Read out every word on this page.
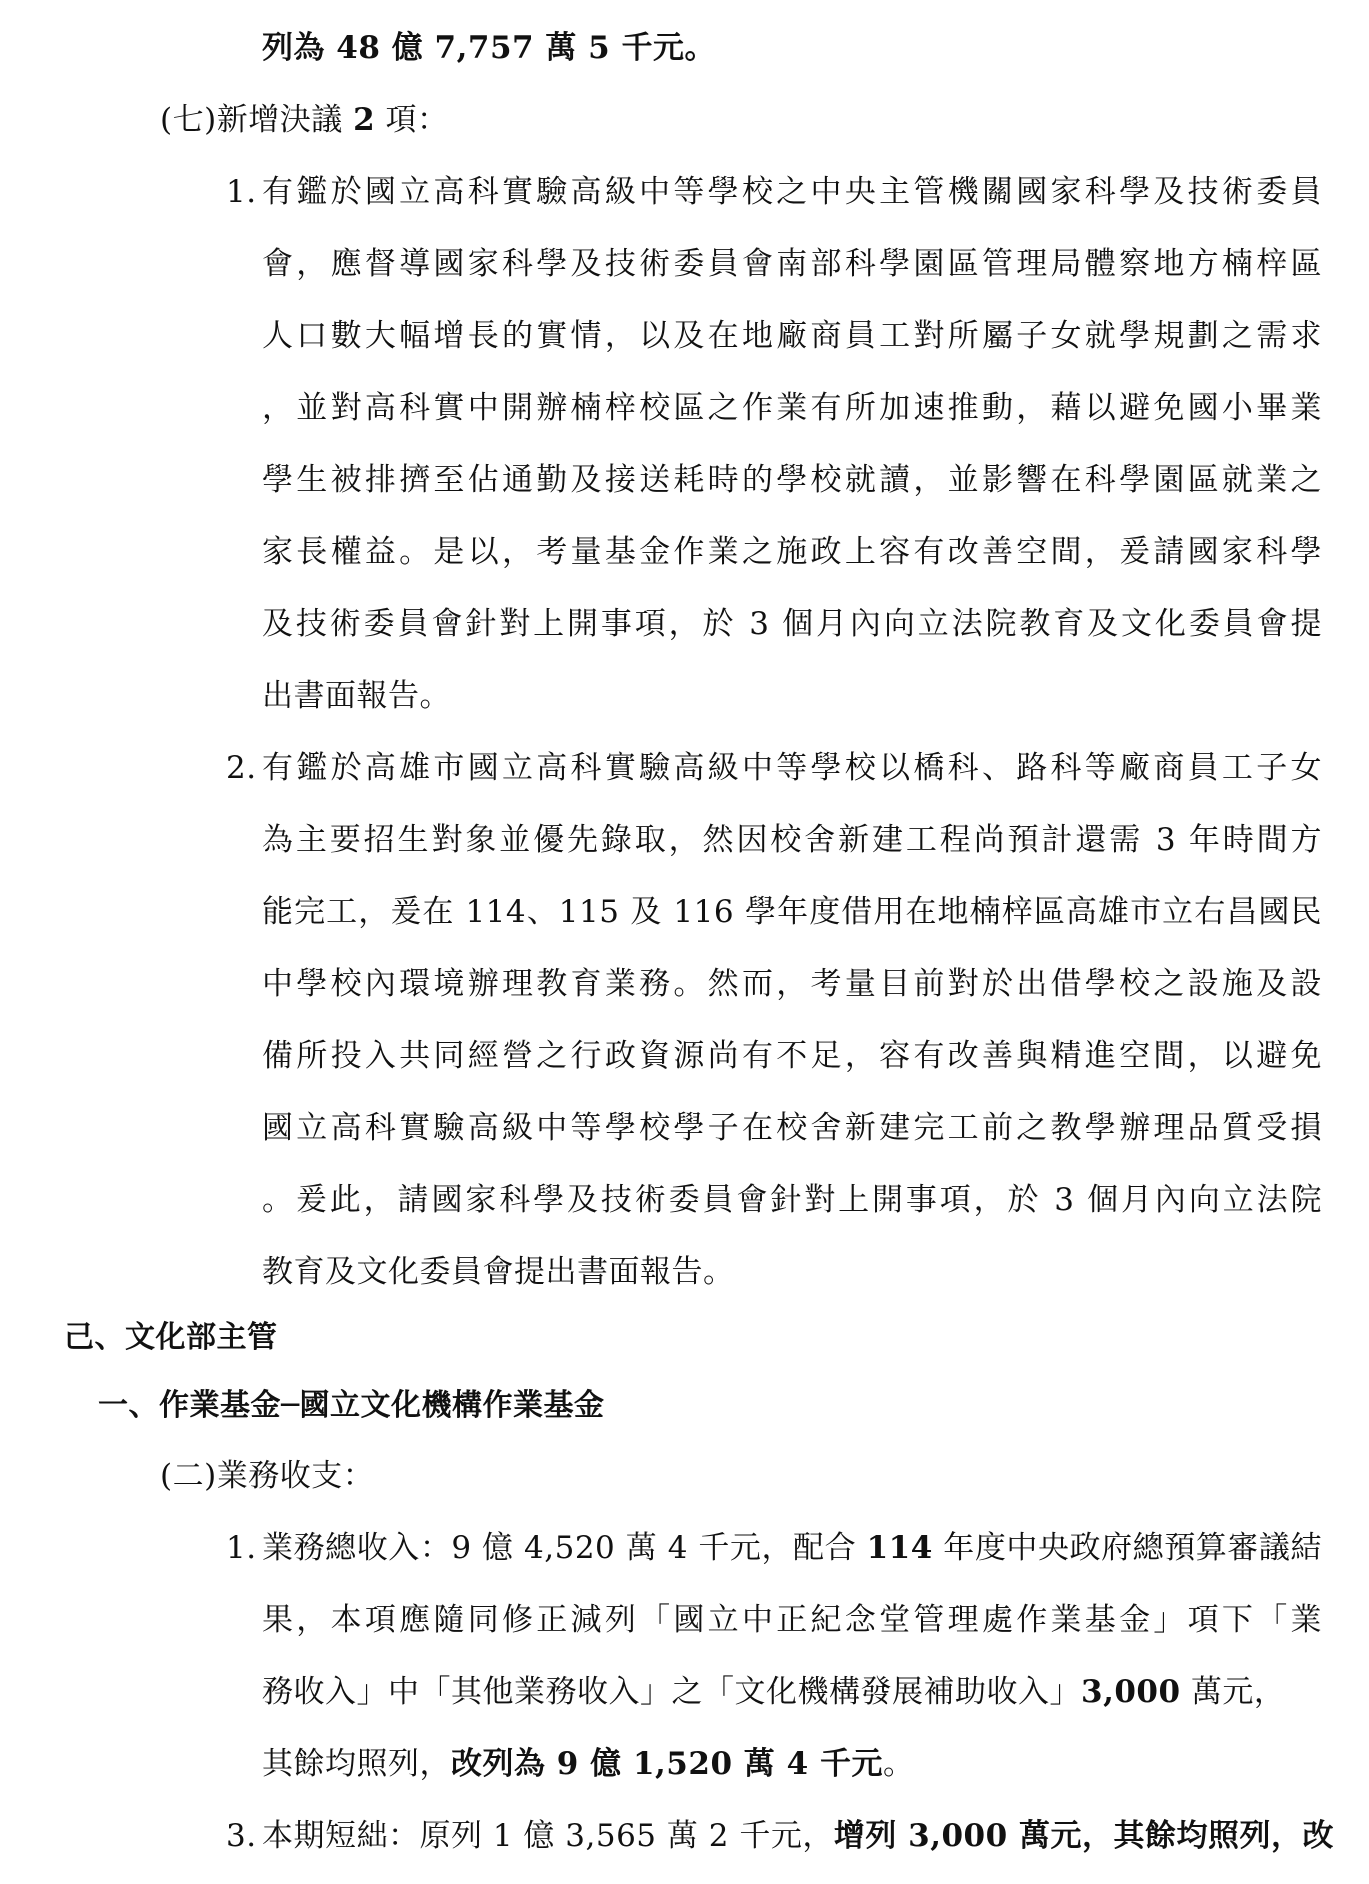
列為 48 億 7,757 萬 5 千元。
(七)新增決議 2 項：
1. 有鑑於國立高科實驗高級中等學校之中央主管機關國家科學及技術委員
會，應督導國家科學及技術委員會南部科學園區管理局體察地方楠梓區
人口數大幅增長的實情，以及在地廠商員工對所屬子女就學規劃之需求
，並對高科實中開辦楠梓校區之作業有所加速推動，藉以避免國小畢業
學生被排擠至佔通勤及接送耗時的學校就讀，並影響在科學園區就業之
家長權益。是以，考量基金作業之施政上容有改善空間，爰請國家科學
及技術委員會針對上開事項，於 3 個月內向立法院教育及文化委員會提
出書面報告。
2. 有鑑於高雄市國立高科實驗高級中等學校以橋科、路科等廠商員工子女
為主要招生對象並優先錄取，然因校舍新建工程尚預計還需 3 年時間方
能完工，爰在 114、115 及 116 學年度借用在地楠梓區高雄市立右昌國民
中學校內環境辦理教育業務。然而，考量目前對於出借學校之設施及設
備所投入共同經營之行政資源尚有不足，容有改善與精進空間，以避免
國立高科實驗高級中等學校學子在校舍新建完工前之教學辦理品質受損
。爰此，請國家科學及技術委員會針對上開事項，於 3 個月內向立法院
教育及文化委員會提出書面報告。
己、文化部主管
一、作業基金─國立文化機構作業基金
(二)業務收支：
1. 業務總收入：9 億 4,520 萬 4 千元，配合 114 年度中央政府總預算審議結
果，本項應隨同修正減列「國立中正紀念堂管理處作業基金」項下「業
務收入」中「其他業務收入」之「文化機構發展補助收入」3,000 萬元，
其餘均照列，改列為 9 億 1,520 萬 4 千元。
3. 本期短絀：原列 1 億 3,565 萬 2 千元，增列 3,000 萬元，其餘均照列，改
